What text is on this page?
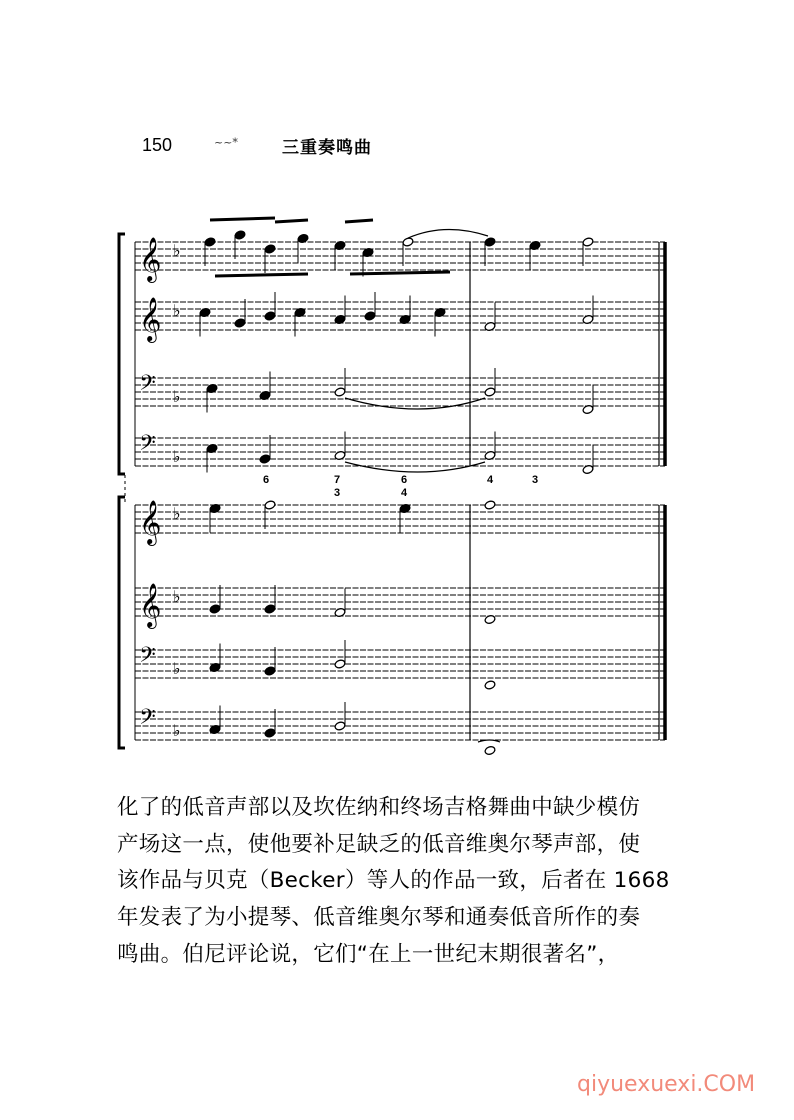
150	~~*	三重奏鸣曲
𝄞 ♭
𝄞 ♭
𝄢 ♭
𝄢 ♭
𝄞 ♭
𝄞 ♭
𝄢 ♭
𝄢 ♭
6	7
3
6
4
4	3
化了的低音声部以及坎佐纳和终场吉格舞曲中缺少模仿
产场这一点，使他要补足缺乏的低音维奥尔琴声部，使
该作品与贝克（Becker）等人的作品一致，后者在 1668
年发表了为小提琴、低音维奥尔琴和通奏低音所作的奏
鸣曲。伯尼评论说，它们“在上一世纪末期很著名”，
qiyuexuexi.COM
